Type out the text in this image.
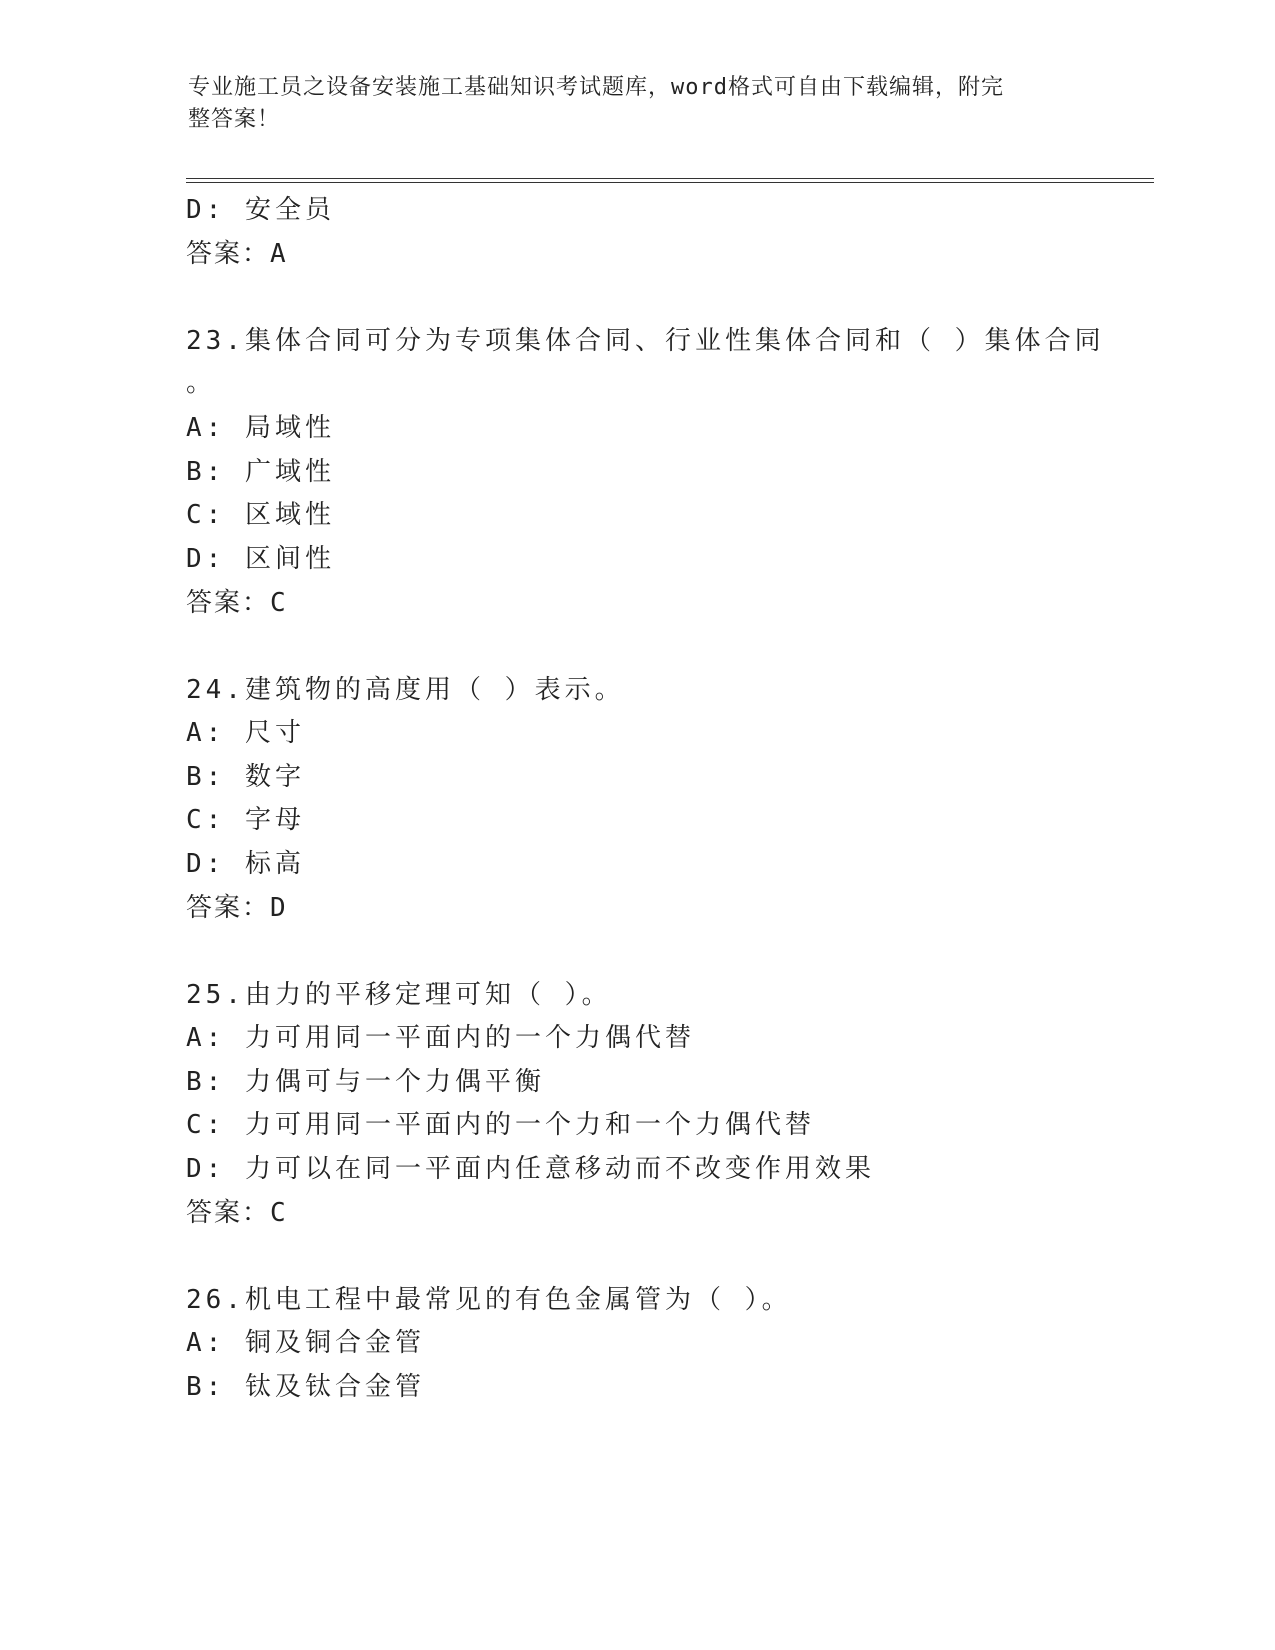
专业施工员之设备安装施工基础知识考试题库，word格式可自由下载编辑，附完
整答案！
D: 安全员
答案：A
23.集体合同可分为专项集体合同、行业性集体合同和（ ）集体合同
。
A: 局域性
B: 广域性
C: 区域性
D: 区间性
答案：C
24.建筑物的高度用（ ）表示。
A: 尺寸
B: 数字
C: 字母
D: 标高
答案：D
25.由力的平移定理可知（ ）。
A: 力可用同一平面内的一个力偶代替
B: 力偶可与一个力偶平衡
C: 力可用同一平面内的一个力和一个力偶代替
D: 力可以在同一平面内任意移动而不改变作用效果
答案：C
26.机电工程中最常见的有色金属管为（ ）。
A: 铜及铜合金管
B: 钛及钛合金管
